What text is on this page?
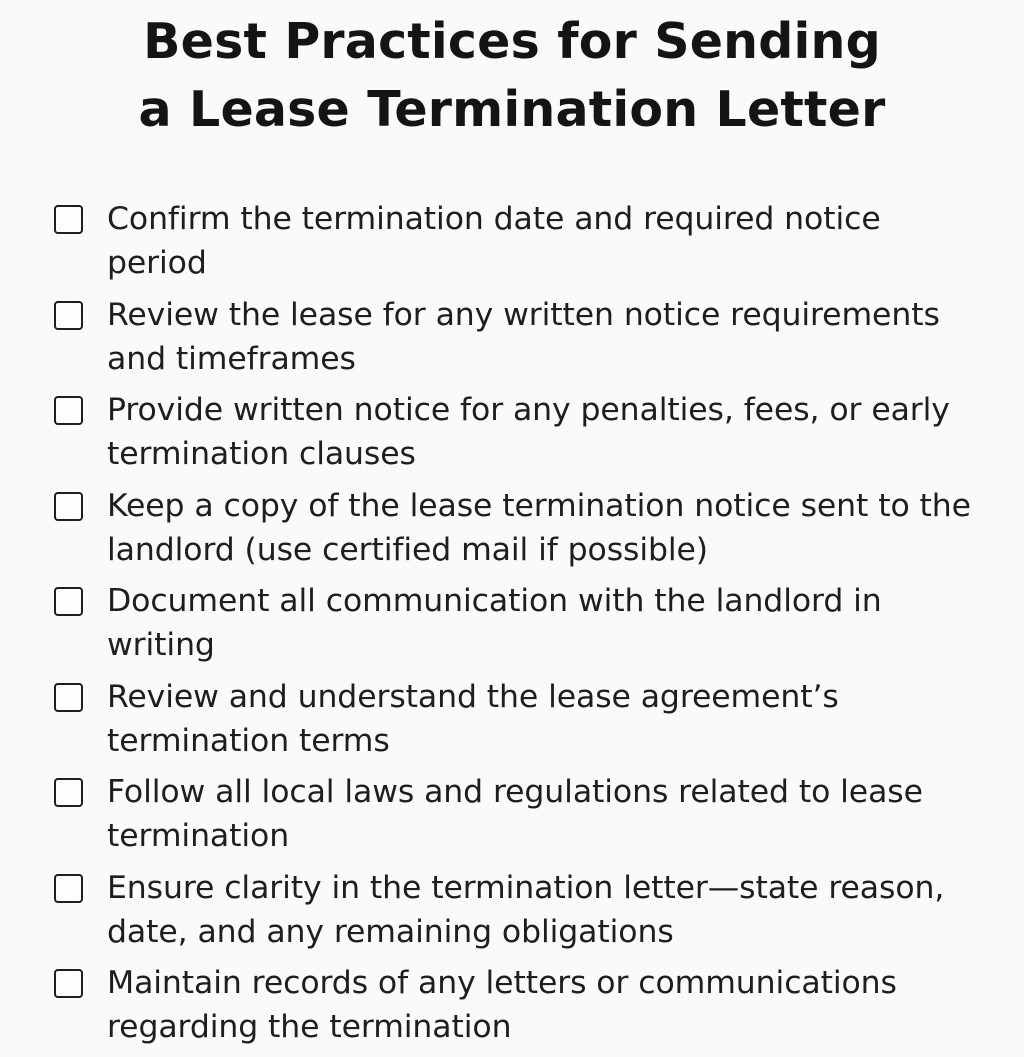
Best Practices for Sending
a Lease Termination Letter
Confirm the termination date and required notice period
Review the lease for any written notice requirements and timeframes
Provide written notice for any penalties, fees, or early termination clauses
Keep a copy of the lease termination notice sent to the landlord (use certified mail if possible)
Document all communication with the landlord in writing
Review and understand the lease agreement’s termination terms
Follow all local laws and regulations related to lease termination
Ensure clarity in the termination letter—state reason, date, and any remaining obligations
Maintain records of any letters or communications regarding the termination
